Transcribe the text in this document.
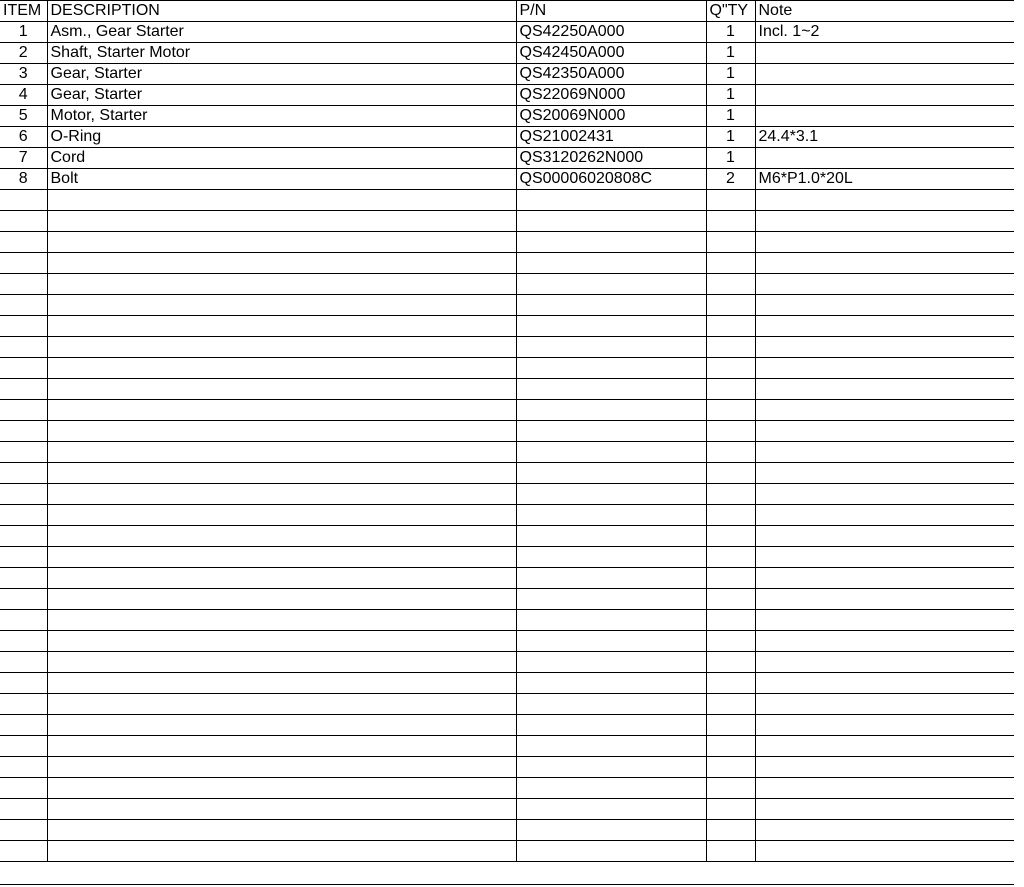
ITEM	DESCRIPTION	P/N	Q"TY	Note
1	Asm., Gear Starter	QS42250A000	1	Incl. 1~2
2	Shaft, Starter Motor	QS42450A000	1	
3	Gear, Starter	QS42350A000	1	
4	Gear, Starter	QS22069N000	1	
5	Motor, Starter	QS20069N000	1	
6	O-Ring	QS21002431	1	24.4*3.1
7	Cord	QS3120262N000	1	
8	Bolt	QS00006020808C	2	M6*P1.0*20L
